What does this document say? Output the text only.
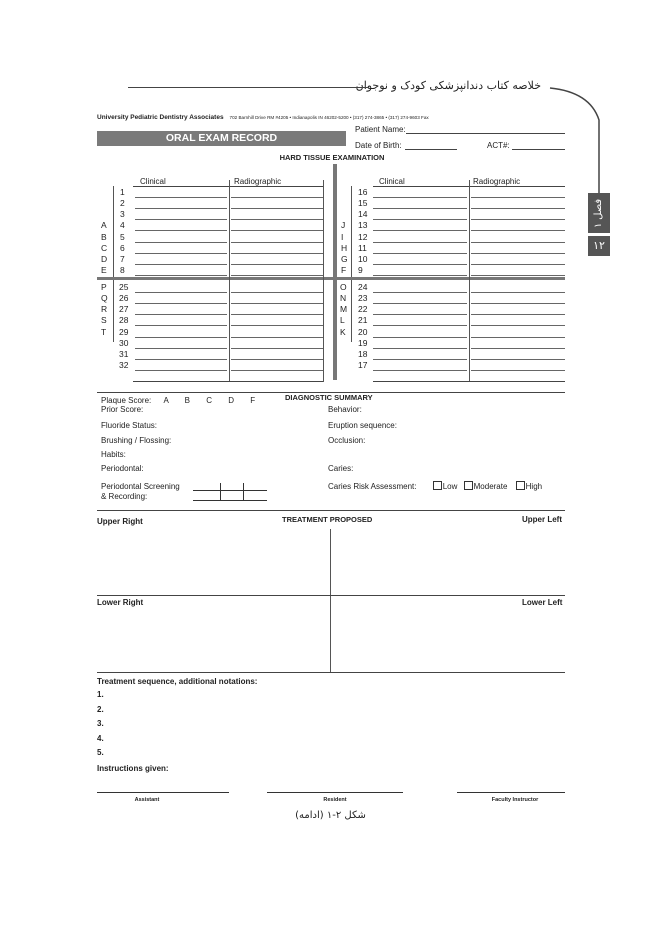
خلاصه کتاب دندانپزشکی کودک و نوجوان
فصل ۱
۱۲
University Pediatric Dentistry Associates 702 Barnhill Drive RM #4205 • Indianapolis IN 46202-5200 • (317) 274-3865 • (317) 274-9603 Fax
ORAL EXAM RECORD
Patient Name:
Date of Birth:	ACT#:
HARD TISSUE EXAMINATION
Clinical	Radiographic	Clinical	Radiographic
1
2
3
A 4
B 5
C 6
D 7
E 8
16
15
14
J 13
I 12
H 11
G 10
F 9
P 25
Q 26
R 27
S 28
T 29
30
31
32
O 24
N 23
M 22
L 21
K 20
19
18
17
Plaque Score: A B C D F	DIAGNOSTIC SUMMARY
Prior Score:	Behavior:
Fluoride Status:	Eruption sequence:
Brushing / Flossing:	Occlusion:
Habits:
Periodontal:	Caries:
Periodontal Screening
& Recording:
Caries Risk Assessment:	Low Moderate High
Upper Right	TREATMENT PROPOSED	Upper Left
Lower Right	Lower Left
Treatment sequence, additional notations:
1.
2.
3.
4.
5.
Instructions given:
Assistant	Resident	Faculty Instructor
شکل ۲-۱ (ادامه)
